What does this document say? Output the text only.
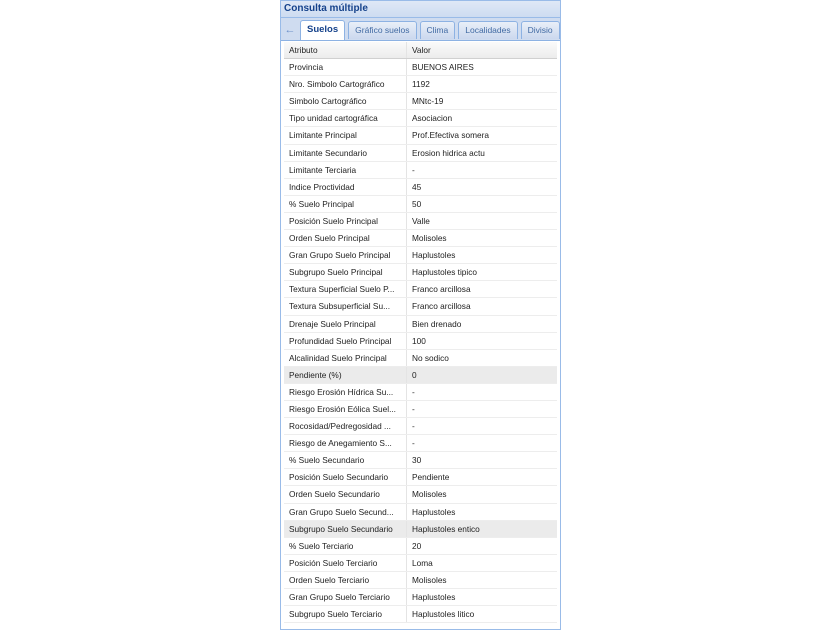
Consulta múltiple
←	Suelos	Gráfico suelos	Clima	Localidades	Divisio
Atributo	Valor
Provincia	BUENOS AIRES
Nro. Simbolo Cartográfico	1192
Simbolo Cartográfico	MNtc-19
Tipo unidad cartográfica	Asociacion
Limitante Principal	Prof.Efectiva somera
Limitante Secundario	Erosion hidrica actu
Limitante Terciaria	-
Indice Proctividad	45
% Suelo Principal	50
Posición Suelo Principal	Valle
Orden Suelo Principal	Molisoles
Gran Grupo Suelo Principal	Haplustoles
Subgrupo Suelo Principal	Haplustoles tipico
Textura Superficial Suelo P...	Franco arcillosa
Textura Subsuperficial Su...	Franco arcillosa
Drenaje Suelo Principal	Bien drenado
Profundidad Suelo Principal	100
Alcalinidad Suelo Principal	No sodico
Pendiente (%)	0
Riesgo Erosión Hídrica Su...	-
Riesgo Erosión Eólica Suel...	-
Rocosidad/Pedregosidad ...	-
Riesgo de Anegamiento S...	-
% Suelo Secundario	30
Posición Suelo Secundario	Pendiente
Orden Suelo Secundario	Molisoles
Gran Grupo Suelo Secund...	Haplustoles
Subgrupo Suelo Secundario	Haplustoles entico
% Suelo Terciario	20
Posición Suelo Terciario	Loma
Orden Suelo Terciario	Molisoles
Gran Grupo Suelo Terciario	Haplustoles
Subgrupo Suelo Terciario	Haplustoles litico
